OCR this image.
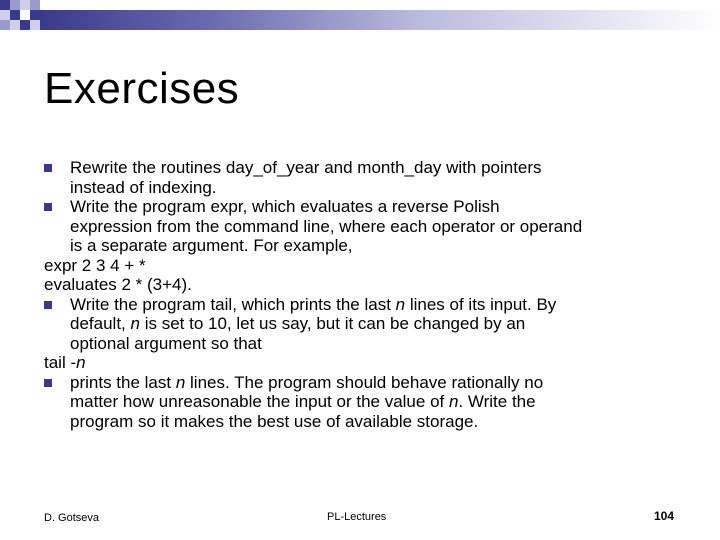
Exercises
Rewrite the routines day_of_year and month_day with pointers
instead of indexing.
Write the program expr, which evaluates a reverse Polish
expression from the command line, where each operator or operand
is a separate argument. For example,
expr 2 3 4 + *
evaluates 2 * (3+4).
Write the program tail, which prints the last n lines of its input. By
default, n is set to 10, let us say, but it can be changed by an
optional argument so that
tail -n
prints the last n lines. The program should behave rationally no
matter how unreasonable the input or the value of n. Write the
program so it makes the best use of available storage.
D. Gotseva	PL-Lectures	104
